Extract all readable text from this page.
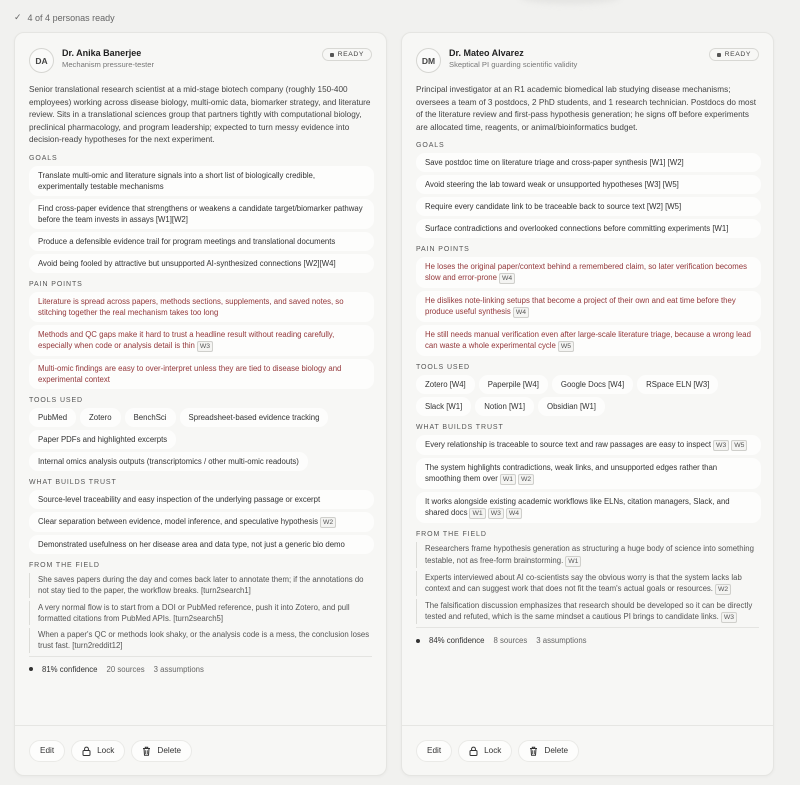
✓ 4 of 4 personas ready
DA
Dr. Anika Banerjee
Mechanism pressure-tester
READY
Senior translational research scientist at a mid-stage biotech company (roughly 150-400 employees) working across disease biology, multi-omic data, biomarker strategy, and literature review. Sits in a translational sciences group that partners tightly with computational biology, preclinical pharmacology, and program leadership; expected to turn messy evidence into decision-ready hypotheses for the next experiment.
GOALS
Translate multi-omic and literature signals into a short list of biologically credible, experimentally testable mechanisms
Find cross-paper evidence that strengthens or weakens a candidate target/biomarker pathway before the team invests in assays [W1][W2]
Produce a defensible evidence trail for program meetings and translational documents
Avoid being fooled by attractive but unsupported AI-synthesized connections [W2][W4]
PAIN POINTS
Literature is spread across papers, methods sections, supplements, and saved notes, so stitching together the real mechanism takes too long
Methods and QC gaps make it hard to trust a headline result without reading carefully, especially when code or analysis detail is thin W3
Multi-omic findings are easy to over-interpret unless they are tied to disease biology and experimental context
TOOLS USED
PubMed	Zotero	BenchSci	Spreadsheet-based evidence tracking
Paper PDFs and highlighted excerpts
Internal omics analysis outputs (transcriptomics / other multi-omic readouts)
WHAT BUILDS TRUST
Source-level traceability and easy inspection of the underlying passage or excerpt
Clear separation between evidence, model inference, and speculative hypothesis W2
Demonstrated usefulness on her disease area and data type, not just a generic bio demo
FROM THE FIELD
She saves papers during the day and comes back later to annotate them; if the annotations do not stay tied to the paper, the workflow breaks. [turn2search1]
A very normal flow is to start from a DOI or PubMed reference, push it into Zotero, and pull formatted citations from PubMed APIs. [turn2search5]
When a paper's QC or methods look shaky, or the analysis code is a mess, the conclusion loses trust fast. [turn2reddit12]
81% confidence 20 sources 3 assumptions
Edit	Lock	Delete
DM
Dr. Mateo Alvarez
Skeptical PI guarding scientific validity
READY
Principal investigator at an R1 academic biomedical lab studying disease mechanisms; oversees a team of 3 postdocs, 2 PhD students, and 1 research technician. Postdocs do most of the literature review and first-pass hypothesis generation; he signs off before experiments are allocated time, reagents, or animal/bioinformatics budget.
GOALS
Save postdoc time on literature triage and cross-paper synthesis [W1] [W2]
Avoid steering the lab toward weak or unsupported hypotheses [W3] [W5]
Require every candidate link to be traceable back to source text [W2] [W5]
Surface contradictions and overlooked connections before committing experiments [W1]
PAIN POINTS
He loses the original paper/context behind a remembered claim, so later verification becomes slow and error-prone W4
He dislikes note-linking setups that become a project of their own and eat time before they produce useful synthesis W4
He still needs manual verification even after large-scale literature triage, because a wrong lead can waste a whole experimental cycle W5
TOOLS USED
Zotero [W4]	Paperpile [W4]	Google Docs [W4]	RSpace ELN [W3]
Slack [W1]	Notion [W1]	Obsidian [W1]
WHAT BUILDS TRUST
Every relationship is traceable to source text and raw passages are easy to inspect W3 W5
The system highlights contradictions, weak links, and unsupported edges rather than smoothing them over W1 W2
It works alongside existing academic workflows like ELNs, citation managers, Slack, and shared docs W1 W3 W4
FROM THE FIELD
Researchers frame hypothesis generation as structuring a huge body of science into something testable, not as free-form brainstorming. W1
Experts interviewed about AI co-scientists say the obvious worry is that the system lacks lab context and can suggest work that does not fit the team's actual goals or resources. W2
The falsification discussion emphasizes that research should be developed so it can be directly tested and refuted, which is the same mindset a cautious PI brings to candidate links. W3
84% confidence 8 sources 3 assumptions
Edit	Lock	Delete
